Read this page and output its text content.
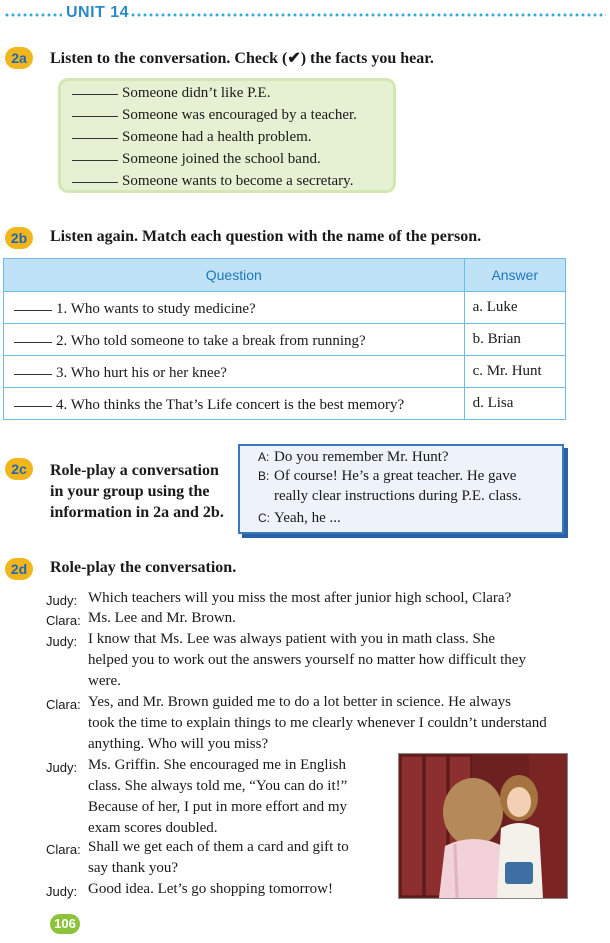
UNIT 14
2a	Listen to the conversation. Check (✔) the facts you hear.
Someone didn’t like P.E.
Someone was encouraged by a teacher.
Someone had a health problem.
Someone joined the school band.
Someone wants to become a secretary.
2b	Listen again. Match each question with the name of the person.
Question	Answer
1. Who wants to study medicine?	a. Luke
2. Who told someone to take a break from running?	b. Brian
3. Who hurt his or her knee?	c. Mr. Hunt
4. Who thinks the That’s Life concert is the best memory?	d. Lisa
2c	Role-play a conversation
in your group using the
information in 2a and 2b.
A: Do you remember Mr. Hunt?
B: Of course! He’s a great teacher. He gave
really clear instructions during P.E. class.
C: Yeah, he ...
2d	Role-play the conversation.
Judy: Which teachers will you miss the most after junior high school, Clara?
Clara: Ms. Lee and Mr. Brown.
Judy: I know that Ms. Lee was always patient with you in math class. She
helped you to work out the answers yourself no matter how difficult they
were.
Clara: Yes, and Mr. Brown guided me to do a lot better in science. He always
took the time to explain things to me clearly whenever I couldn’t understand
anything. Who will you miss?
Judy: Ms. Griffin. She encouraged me in English
class. She always told me, “You can do it!”
Because of her, I put in more effort and my
exam scores doubled.
Clara: Shall we get each of them a card and gift to
say thank you?
Judy: Good idea. Let’s go shopping tomorrow!
106
